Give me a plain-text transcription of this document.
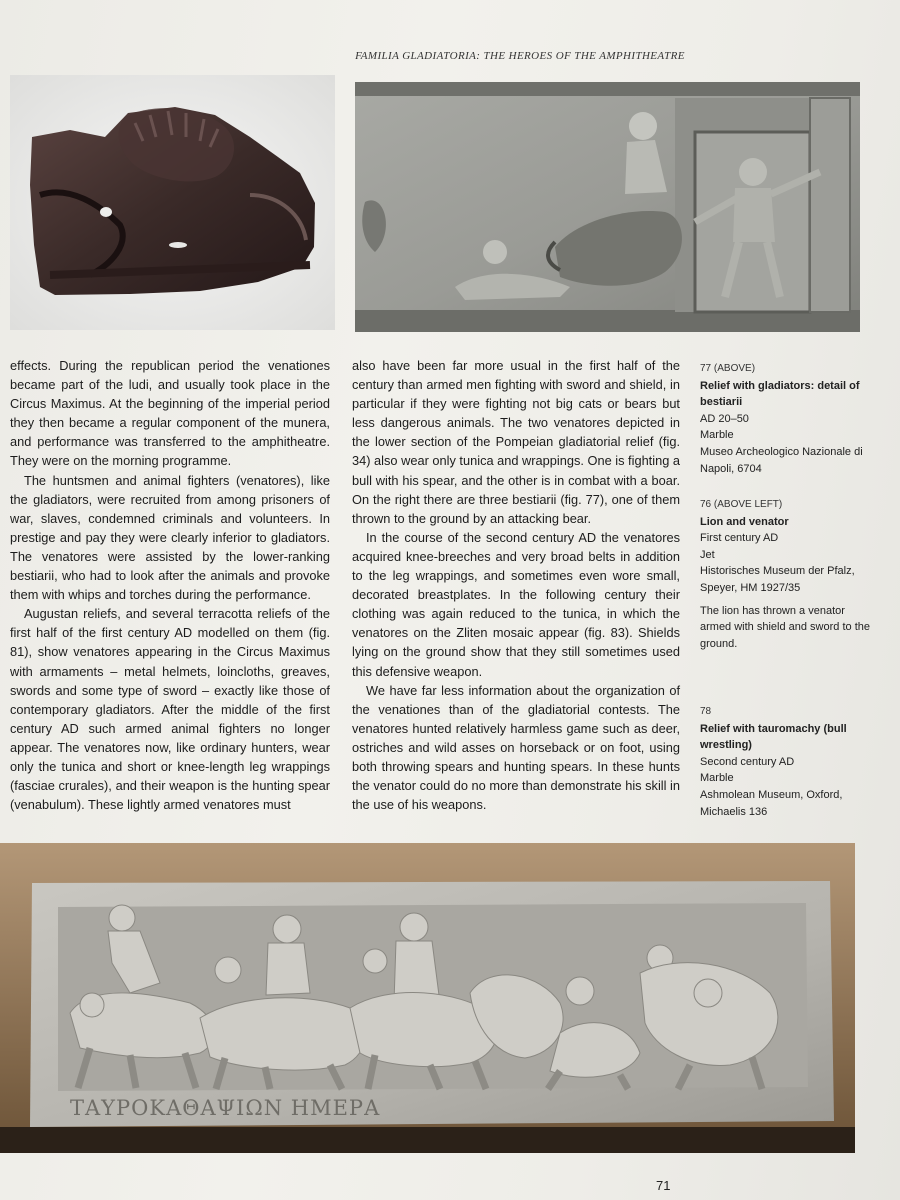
FAMILIA GLADIATORIA: THE HEROES OF THE AMPHITHEATRE

effects. During the republican period the venationes became part of the ludi, and usually took place in the Circus Maximus. At the beginning of the imperial period they then became a regular component of the munera, and performance was transferred to the amphitheatre. They were on the morning programme.

The huntsmen and animal fighters (venatores), like the gladiators, were recruited from among prisoners of war, slaves, condemned criminals and volunteers. In prestige and pay they were clearly inferior to gladiators. The venatores were assisted by the lower-ranking bestiarii, who had to look after the animals and provoke them with whips and torches during the performance.

Augustan reliefs, and several terracotta reliefs of the first half of the first century AD modelled on them (fig. 81), show venatores appearing in the Circus Maximus with armaments – metal helmets, loincloths, greaves, swords and some type of sword – exactly like those of contemporary gladiators. After the middle of the first century AD such armed animal fighters no longer appear. The venatores now, like ordinary hunters, wear only the tunica and short or knee-length leg wrappings (fasciae crurales), and their weapon is the hunting spear (venabulum). These lightly armed venatores must

also have been far more usual in the first half of the century than armed men fighting with sword and shield, in particular if they were fighting not big cats or bears but less dangerous animals. The two venatores depicted in the lower section of the Pompeian gladiatorial relief (fig. 34) also wear only tunica and wrappings. One is fighting a bull with his spear, and the other is in combat with a boar. On the right there are three bestiarii (fig. 77), one of them thrown to the ground by an attacking bear.

In the course of the second century AD the venatores acquired knee-breeches and very broad belts in addition to the leg wrappings, and sometimes even wore small, decorated breastplates. In the following century their clothing was again reduced to the tunica, in which the venatores on the Zliten mosaic appear (fig. 83). Shields lying on the ground show that they still sometimes used this defensive weapon.

We have far less information about the organization of the venationes than of the gladiatorial contests. The venatores hunted relatively harmless game such as deer, ostriches and wild asses on horseback or on foot, using both throwing spears and hunting spears. In these hunts the venator could do no more than demonstrate his skill in the use of his weapons.

77 (ABOVE)
Relief with gladiators: detail of bestiarii
AD 20–50
Marble
Museo Archeologico Nazionale di Napoli, 6704
76 (ABOVE LEFT)
Lion and venator
First century AD
Jet
Historisches Museum der Pfalz, Speyer, HM 1927/35
The lion has thrown a venator armed with shield and sword to the ground.
78
Relief with tauromachy (bull wrestling)
Second century AD
Marble
Ashmolean Museum, Oxford, Michaelis 136
ΤΑΥΡΟΚΑΘΑΨΙΩΝ ΗΜΕΡΑ
71
